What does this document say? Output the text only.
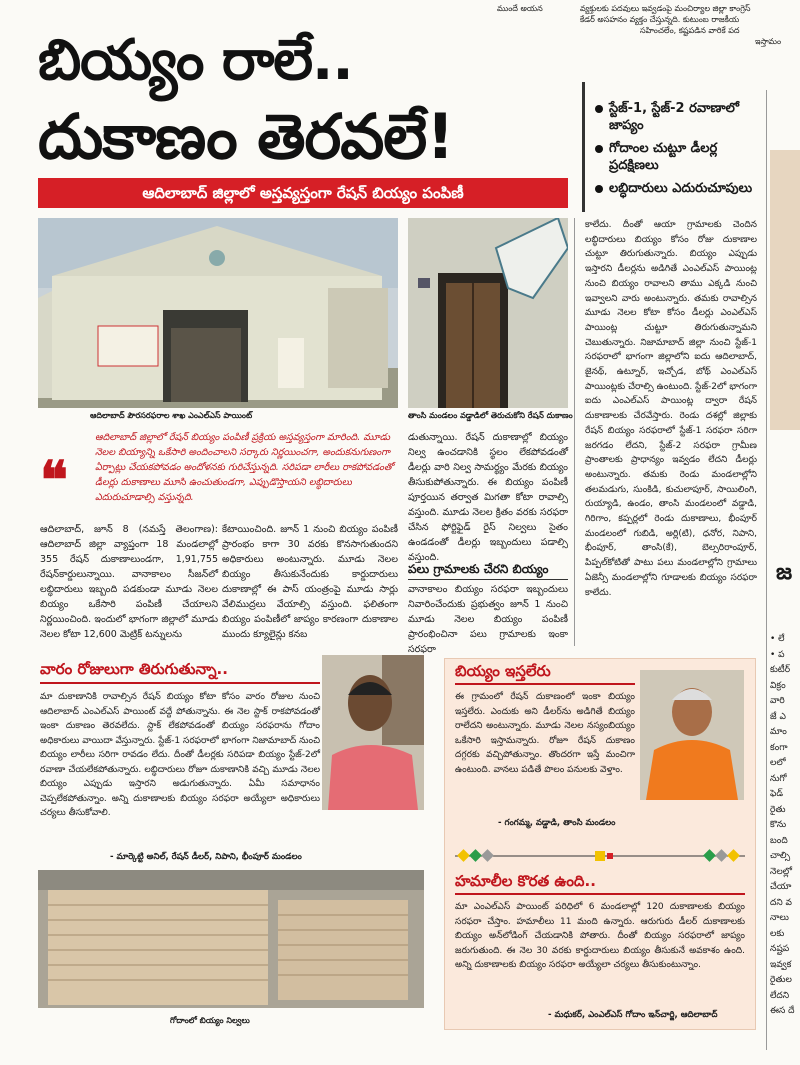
ముందే అయన	వ్యక్తులకు పదవులు ఇవ్వడంపై మంచిర్యాల జిల్లా కాంగ్రెస్
కేడర్ అసహనం వ్యక్తం చేస్తున్నది. కుటుంబ రాజకీయ
సహించలేం, కష్టపడిన వారికే పద
ఇస్తామం
బియ్యం రాలే..
దుకాణం తెరవలే!
ఆదిలాబాద్ జిల్లాలో అస్తవ్యస్తంగా రేషన్ బియ్యం పంపిణీ
స్టేజ్-1, స్టేజ్-2 రవాణాలో జాప్యం
గోదాంల చుట్టూ డీలర్ల ప్రదక్షిణలు
లబ్ధిదారులు ఎదురుచూపులు
ఆదిలాబాద్ పౌరసరఫరాల శాఖ ఎంఎల్ఎస్ పాయింట్	తాంసి మండలం వడ్డాడిలో తెరుచుకోని రేషన్ దుకాణం
❝
ఆదిలాబాద్ జిల్లాలో రేషన్ బియ్యం పంపిణీ ప్రక్రియ అస్తవ్యస్తంగా మారింది. మూడు నెలల బియ్యాన్ని ఒకేసారి అందించాలని సర్కారు నిర్ణయించగా, అందుకనుగుణంగా ఏర్పాట్లు చేయకపోవడం అందోళనకు గురిచేస్తున్నది. సరిపడా లారీలు రాకపోవడంతో డీలర్లు దుకాణాలు మూసి ఉంచుతుండగా, ఎప్పుడొస్తాయని లబ్ధిదారులు ఎదురుచూడాల్సి వస్తున్నది.
ఆదిలాబాద్, జూన్ 8 (నమస్తే తెలంగాణ): ఆదిలాబాద్ జిల్లా వ్యాప్తంగా 18 మండలాల్లో 355 రేషన్ దుకాణాలుండగా, 1,91,755 రేషన్‌కార్డులున్నాయి. వానాకాలం సీజన్‌లో లబ్ధిదారులు ఇబ్బంది పడకుండా మూడు నెలల బియ్యం ఒకేసారి పంపిణీ చేయాలని నిర్ణయించింది. ఇందులో భాగంగా జిల్లాలో మూడు నెలల కోటా 12,600 మెట్రిక్ టన్నులను
కేటాయించింది. జూన్ 1 నుంచి బియ్యం పంపిణీ ప్రారంభం కాగా 30 వరకు కొనసాగుతుందని అధికారులు అంటున్నారు. మూడు నెలల బియ్యం తీసుకునేందుకు కార్డుదారులు దుకాణాల్లో ఈ పాస్ యంత్రంపై మూడు సార్లు వేలిముద్రలు వేయాల్సి వస్తుంది. ఫలితంగా బియ్యం పంపిణీలో జాప్యం కారణంగా దుకాణాల ముందు క్యూలైన్లు కనబ
డుతున్నాయి. రేషన్ దుకాణాల్లో బియ్యం నిల్వ ఉంచడానికి స్థలం లేకపోవడంతో డీలర్లు వారి నిల్వ సామర్థ్యం మేరకు బియ్యం తీసుకుపోతున్నారు. ఈ బియ్యం పంపిణీ పూర్తయిన తర్వాత మిగతా కోటా రావాల్సి వస్తుంది. మూడు నెలల క్రితం వరకు సరఫరా చేసిన ఫోర్టిఫైడ్ రైస్ నిల్వలు సైతం ఉండడంతో డీలర్లు ఇబ్బందులు పడాల్సి వస్తుంది.
పలు గ్రామాలకు చేరని బియ్యం
వానాకాలం బియ్యం సరఫరా ఇబ్బందులు నివారించేందుకు ప్రభుత్వం జూన్ 1 నుంచి మూడు నెలల బియ్యం పంపిణీ ప్రారంభించినా పలు గ్రామాలకు ఇంకా సరఫరా
కాలేదు. దీంతో ఆయా గ్రామాలకు చెందిన లబ్ధిదారులు బియ్యం కోసం రోజు దుకాణాల చుట్టూ తిరుగుతున్నారు. బియ్యం ఎప్పుడు ఇస్తారని డీలర్లను అడిగితే ఎంఎల్ఎస్ పాయింట్ల నుంచి బియ్యం రావాలని తాము ఎక్కడి నుంచి ఇవ్వాలని వారు అంటున్నారు. తమకు రావాల్సిన మూడు నెలల కోటా కోసం డీలర్లు ఎంఎల్ఎస్ పాయింట్ల చుట్టూ తిరుగుతున్నామని చెబుతున్నారు. నిజామాబాద్ జిల్లా నుంచి స్టేజ్-1 సరఫరాలో భాగంగా జిల్లాలోని ఐదు ఆదిలాబాద్, జైనథ్, ఉట్నూర్, ఇచ్చోడ, బోథ్ ఎంఎల్ఎస్ పాయింట్లకు చేరాల్సి ఉంటుంది. స్టేజ్-2లో భాగంగా ఐదు ఎంఎల్ఎస్ పాయింట్ల ద్వారా రేషన్ దుకాణాలకు చేరవేస్తారు. రెండు దశల్లో జిల్లాకు రేషన్ బియ్యం సరఫరాలో స్టేజ్-1 సరఫరా సరిగా జరగడం లేదని, స్టేజ్-2 సరఫరా గ్రామీణ ప్రాంతాలకు ప్రాధాన్యం ఇవ్వడం లేదని డీలర్లు అంటున్నారు. తమకు రెండు మండలాల్లోని తలమడుగు, సుంకిడి, కుచులాపూర్, సాయిలింగి, రుయ్యాడి, ఉండం, తాంసి మండలంలో వడ్డాడి, గిరిగాం, కప్పర్లలో రెండు దుకాణాలు, భీంపూర్ మండలంలో గుబిడి, అర్లి(టి), ధనోర, నిపాని, భీంపూర్, తాంసి(కే), బెల్సరిరాంపూర్, పిప్పల్‌కోటితో పాటు పలు మండలాల్లోని గ్రామాలు ఏజెన్సీ మండలాల్లోని గూడాలకు బియ్యం సరఫరా కాలేదు.
వారం రోజులుగా తిరుగుతున్నా..
మా దుకాణానికి రావాల్సిన రేషన్ బియ్యం కోటా కోసం వారం రోజుల నుంచి ఆదిలాబాద్ ఎంఎల్ఎస్ పాయింట్ వద్దే పోతున్నాను. ఈ నెల స్టాక్ రాకపోవడంతో ఇంకా దుకాణం తెరవలేదు. స్టాక్ లేకపోవడంతో బియ్యం సరఫరాను గోదాం అధికారులు వాయిదా వేస్తున్నారు. స్టేజ్-1 సరఫరాలో భాగంగా నిజామాబాద్ నుంచి బియ్యం లారీలు సరిగా రావడం లేదు. దీంతో డీలర్లకు సరిపడా బియ్యం స్టేజ్-2లో రవాణా చేయలేకపోతున్నారు. లబ్ధిదారులు రోజూ దుకాణానికి వచ్చి మూడు నెలల బియ్యం ఎప్పుడు ఇస్తారని అడుగుతున్నారు. ఏమీ సమాధానం చెప్పలేకపోతున్నాం. అన్ని దుకాణాలకు బియ్యం సరఫరా అయ్యేలా అధికారులు చర్యలు తీసుకోవాలి.
- మార్కెట్టి అనిల్, రేషన్ డీలర్, నిపాని, భీంపూర్ మండలం
గోదాంలో బియ్యం నిల్వలు
బియ్యం ఇస్తలేరు
ఈ గ్రామంలో రేషన్ దుకాణంలో ఇంకా బియ్యం ఇస్తలేరు. ఎందుకు అని డీలర్‌ను అడిగితే బియ్యం రాలేదని అంటున్నారు. మూడు నెలల నస్యంబియ్యం ఒకేసారి ఇస్తామన్నారు. రోజూ రేషన్ దుకాణం దగ్గరకు వచ్చిపోతున్నాం. తొందరగా ఇస్తే మంచిగా ఉంటుంది. వానలు పడితే పొలం పనులకు వెళ్తాం.
- గంగమ్మ, వడ్డాడి, తాంసి మండలం
హమాలీల కొరత ఉంది..
మా ఎంఎల్ఎస్ పాయింట్ పరిధిలో 6 మండలాల్లో 120 దుకాణాలకు బియ్యం సరఫరా చేస్తాం. హమాలీలు 11 మంది ఉన్నారు. ఆరుగురు డీలర్ దుకాణాలకు బియ్యం అన్‌లోడింగ్ చేయడానికి పోతారు. దీంతో బియ్యం సరఫరాలో జాప్యం జరుగుతుంది. ఈ నెల 30 వరకు కార్డుదారులు బియ్యం తీసుకునే అవకాశం ఉంది. అన్ని దుకాణాలకు బియ్యం సరఫరా అయ్యేలా చర్యలు తీసుకుంటున్నాం.
- మధుకర్, ఎంఎల్ఎస్ గోదాం ఇన్‌చార్జి, ఆదిలాబాద్
జ
• లే
• ప
కుటీర్
విక్రం
వారి
జే ఎ
మాం
కంగా
లలో
నుగో
ఫెడ్
రైతు
కొను
బంది
చాల్సి
నెలల్లో
చేయా
దని వ
నాలు
లకు
నష్టప
ఇవ్వక
రైతుల
లేదని
ఈస దే
